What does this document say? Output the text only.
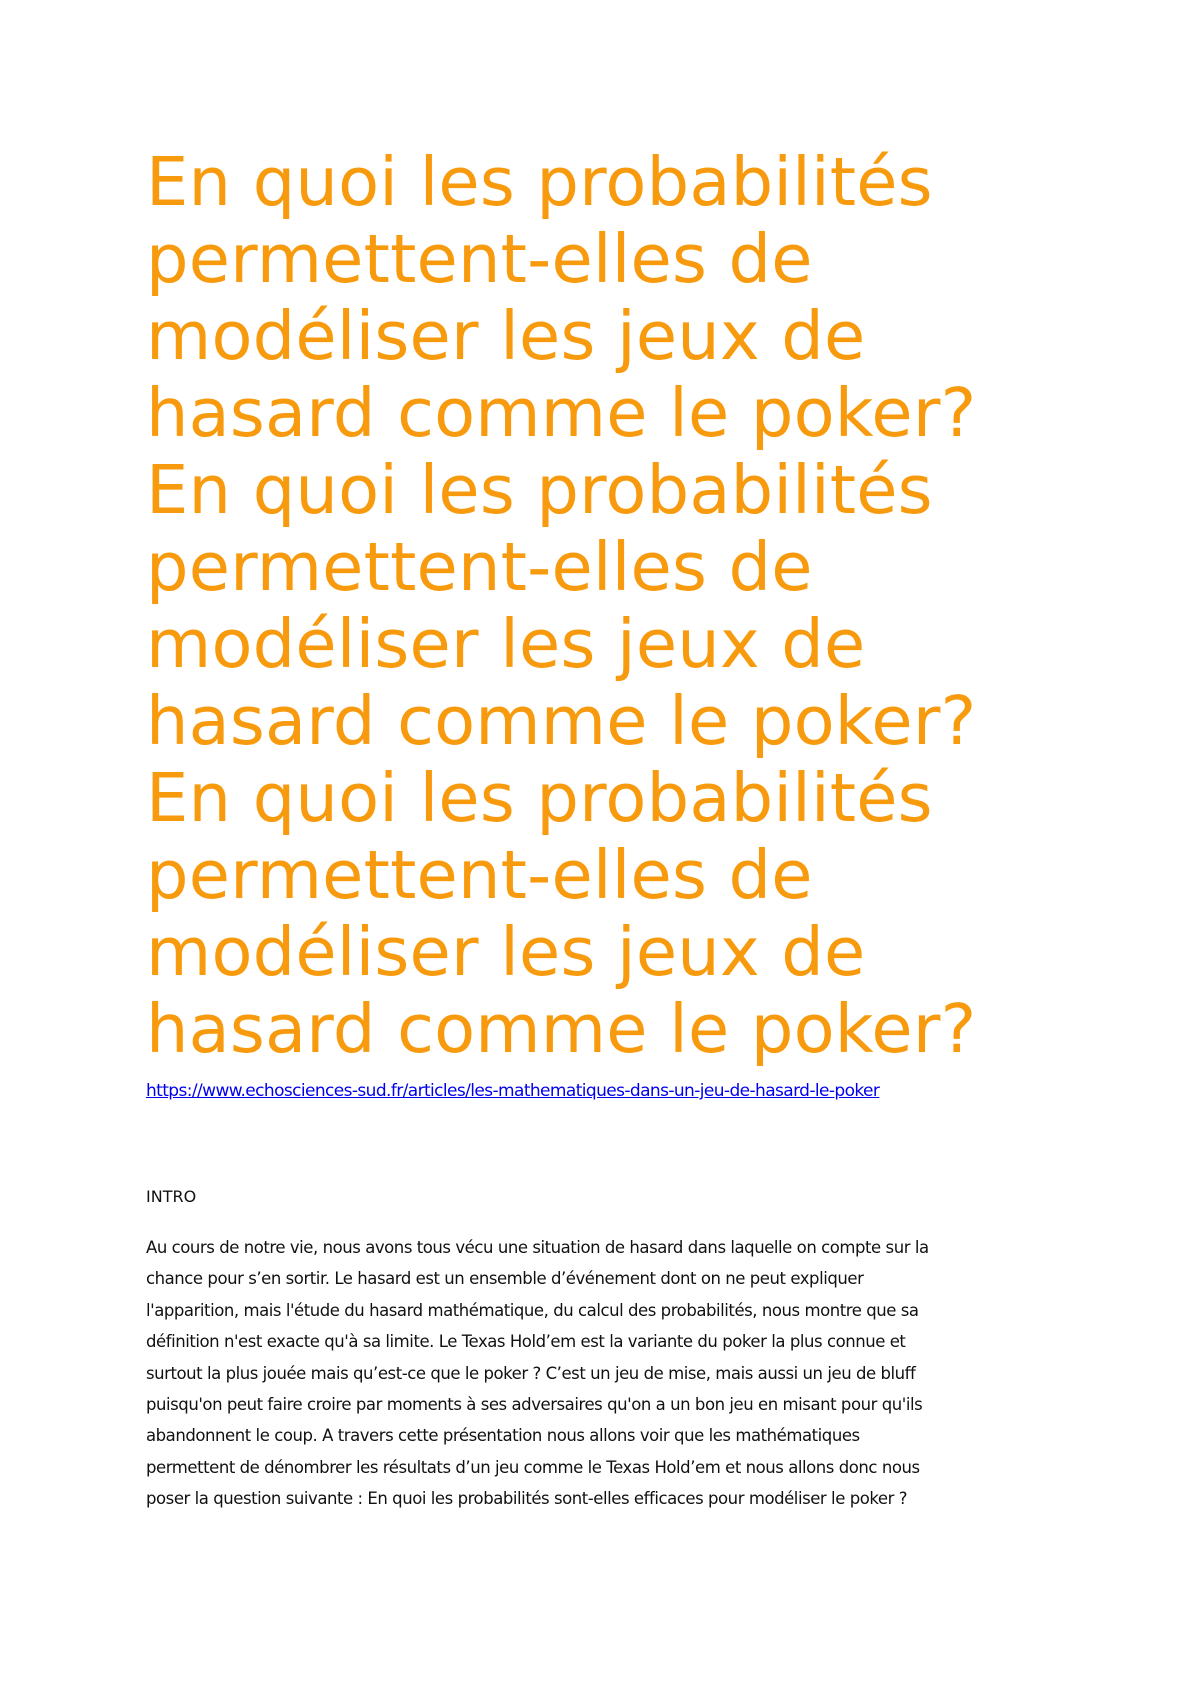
En quoi les probabilités
permettent-elles de
modéliser les jeux de
hasard comme le poker?
En quoi les probabilités
permettent-elles de
modéliser les jeux de
hasard comme le poker?
En quoi les probabilités
permettent-elles de
modéliser les jeux de
hasard comme le poker?
https://www.echosciences-sud.fr/articles/les-mathematiques-dans-un-jeu-de-hasard-le-poker
INTRO
Au cours de notre vie, nous avons tous vécu une situation de hasard dans laquelle on compte sur la
chance pour s’en sortir. Le hasard est un ensemble d’événement dont on ne peut expliquer
l'apparition, mais l'étude du hasard mathématique, du calcul des probabilités, nous montre que sa
définition n'est exacte qu'à sa limite. Le Texas Hold’em est la variante du poker la plus connue et
surtout la plus jouée mais qu’est-ce que le poker ? C’est un jeu de mise, mais aussi un jeu de bluff
puisqu'on peut faire croire par moments à ses adversaires qu'on a un bon jeu en misant pour qu'ils
abandonnent le coup. A travers cette présentation nous allons voir que les mathématiques
permettent de dénombrer les résultats d’un jeu comme le Texas Hold’em et nous allons donc nous
poser la question suivante : En quoi les probabilités sont-elles efficaces pour modéliser le poker ?
